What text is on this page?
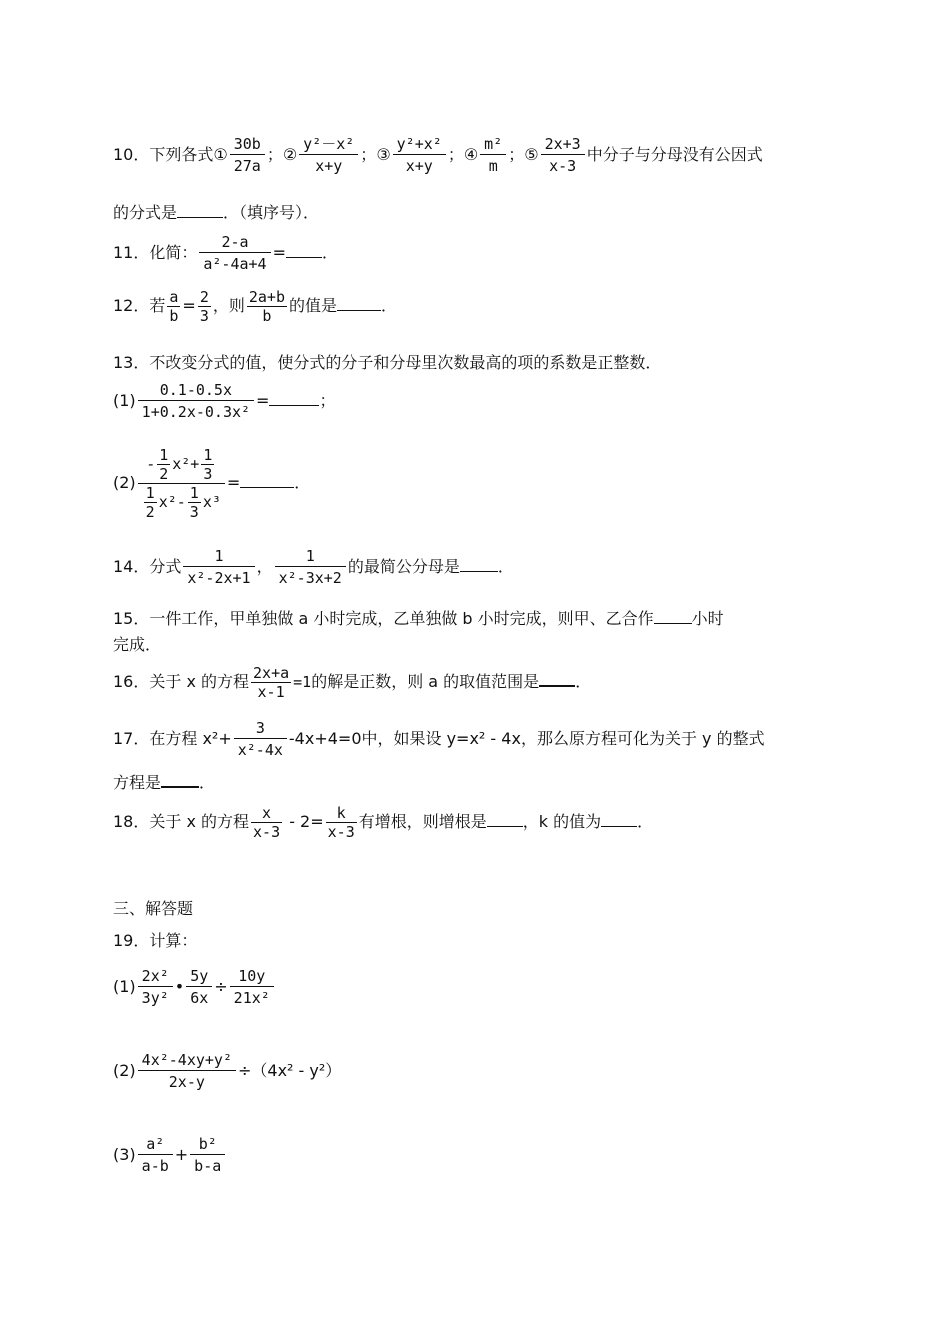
10．下列各式① $\frac{30b}{27a}$ ；② $\frac{\text{y²－x²}}{x+y}$ ；③ $\frac{\text{y²+x²}}{x+y}$ ；④ $\frac{\text{m²}}{m}$ ；⑤ $\frac{2x+3}{x-3}$ 中分子与分母没有公因式
的分式是	．（填序号）．
11．化简： $\frac{2-a}{\text{a²-4a+4}}$ = ．
12．若 $\frac{a}{b} = \frac{2}{3}$ ，则 $\frac{2a+b}{b}$ 的值是	．
13．不改变分式的值，使分式的分子和分母里次数最高的项的系数是正整数．
$(1) \frac{0.1-0.5x}{\text{1+0.2x-0.3x²}}$ =	；
$(2) \frac{- \frac{1}{2} x^2+ \frac{1}{3}}{\frac{1}{2} x^2- \frac{1}{3} x^3}$ =	．
14．分式 $\frac{1}{\text{x²-2x+1}}$ ， $\frac{1}{\text{x²-3x+2}}$ 的最简公分母是 ．
15．一件工作，甲单独做 a 小时完成，乙单独做 b 小时完成，则甲、乙合作 小时
完成．
16．关于 x 的方程 $\frac{2x+a}{x-1} =1$的解是正数，则 a 的取值范围是 ．
17．在方程 $x^2+ \frac{3}{\text{x²-4x}} -4x+4=0$中，如果设 y=x² - 4x，那么原方程可化为关于 y 的整式
方程是 ．
18．关于 x 的方程 $\frac{x}{x-3} - 2= \frac{k}{x-3}$ 有增根，则增根是 ，k 的值为 ．
三、解答题
19．计算：
$(1) \frac{\text{2x²}}{\text{3y²}}$ • $\frac{5y}{6x} \div \frac{10y}{\text{21x²}}$
$(2) \frac{\text{4x²-4xy+y²}}{2x-y} \div(4x^2 - y^2)$
$(3) \frac{\text{a²}}{a-b} + \frac{\text{b²}}{b-a}$
